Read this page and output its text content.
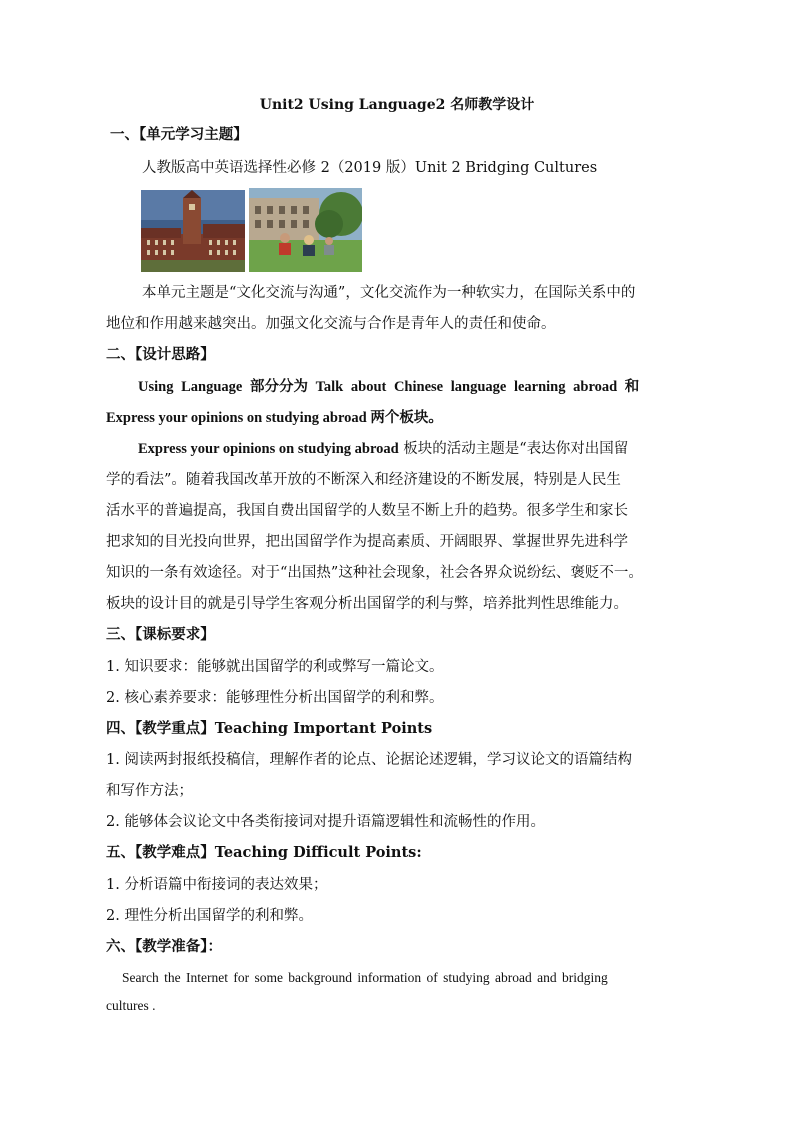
Unit2 Using Language2 名师教学设计
一、【单元学习主题】
人教版高中英语选择性必修 2（2019 版）Unit 2 Bridging Cultures
本单元主题是“文化交流与沟通”，文化交流作为一种软实力，在国际关系中的
地位和作用越来越突出。加强文化交流与合作是青年人的责任和使命。
二、【设计思路】
Using Language 部分分为 Talk about Chinese language learning abroad 和
Express your opinions on studying abroad 两个板块。
Express your opinions on studying abroad 板块的活动主题是“表达你对出国留
学的看法”。随着我国改革开放的不断深入和经济建设的不断发展，特别是人民生
活水平的普遍提高，我国自费出国留学的人数呈不断上升的趋势。很多学生和家长
把求知的目光投向世界，把出国留学作为提高素质、开阔眼界、掌握世界先进科学
知识的一条有效途径。对于“出国热”这种社会现象，社会各界众说纷纭、褒贬不一。
板块的设计目的就是引导学生客观分析出国留学的利与弊，培养批判性思维能力。
三、【课标要求】
1. 知识要求：能够就出国留学的利或弊写一篇论文。
2. 核心素养要求：能够理性分析出国留学的利和弊。
四、【教学重点】Teaching Important Points
1. 阅读两封报纸投稿信，理解作者的论点、论据论述逻辑，学习议论文的语篇结构
和写作方法；
2. 能够体会议论文中各类衔接词对提升语篇逻辑性和流畅性的作用。
五、【教学难点】Teaching Difficult Points:
1. 分析语篇中衔接词的表达效果；
2. 理性分析出国留学的利和弊。
六、【教学准备】：
Search the Internet for some background information of studying abroad and bridging
cultures .
